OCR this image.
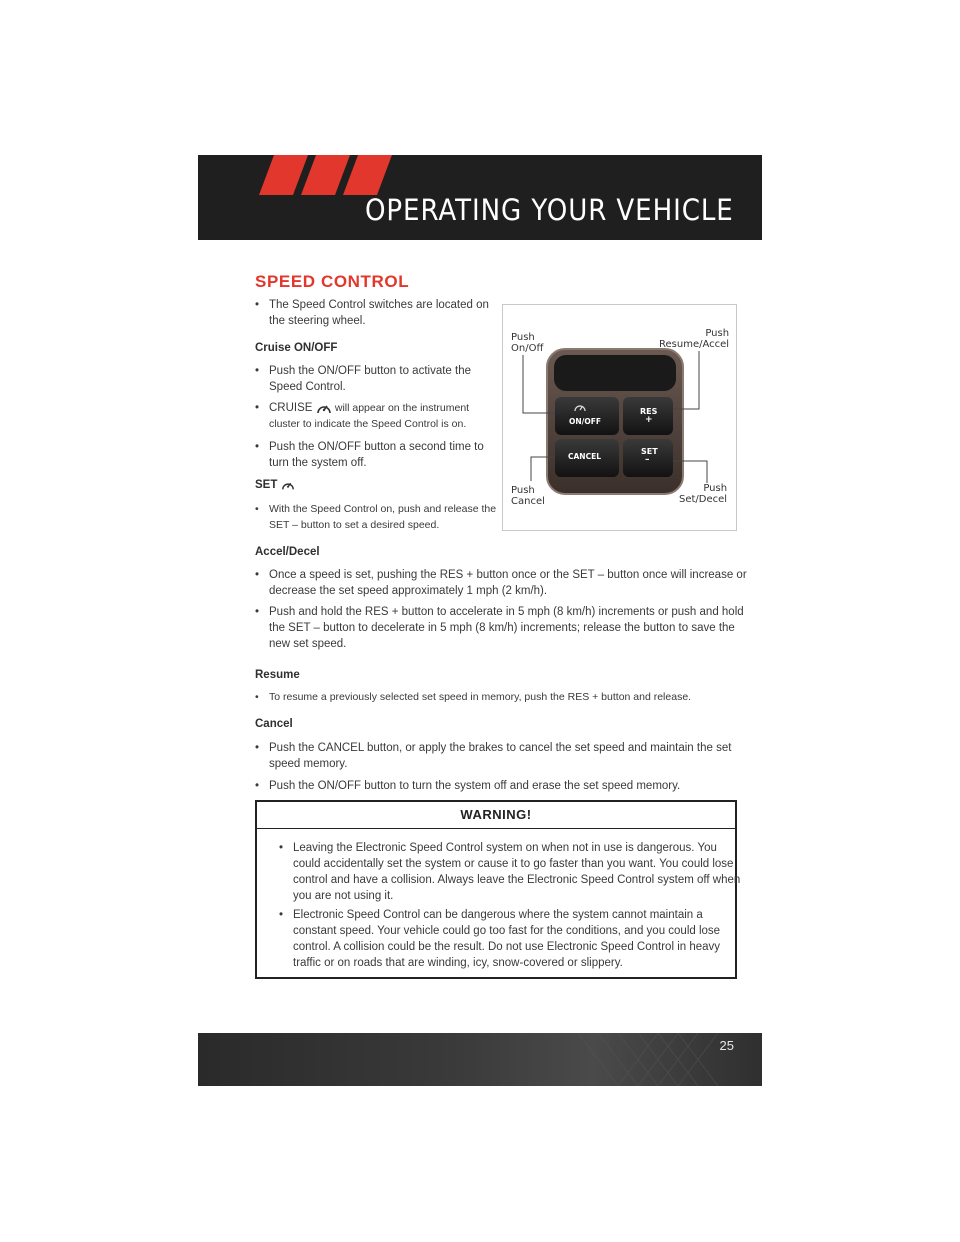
OPERATING YOUR VEHICLE
SPEED CONTROL
• The Speed Control switches are located on the steering wheel.
Cruise ON/OFF
• Push the ON/OFF button to activate the Speed Control.
• CRUISE will appear on the instrument cluster to indicate the Speed Control is on.
• Push the ON/OFF button a second time to turn the system off.
SET
• With the Speed Control on, push and release the SET – button to set a desired speed.
Accel/Decel
• Once a speed is set, pushing the RES + button once or the SET – button once will increase or decrease the set speed approximately 1 mph (2 km/h).
• Push and hold the RES + button to accelerate in 5 mph (8 km/h) increments or push and hold the SET – button to decelerate in 5 mph (8 km/h) increments; release the button to save the new set speed.
Resume
• To resume a previously selected set speed in memory, push the RES + button and release.
Cancel
• Push the CANCEL button, or apply the brakes to cancel the set speed and maintain the set speed memory.
• Push the ON/OFF button to turn the system off and erase the set speed memory.
ON/OFF
RES
+
CANCEL
SET
–
Push
On/Off
Push
Resume/Accel
Push
Cancel
Push
Set/Decel
WARNING!
• Leaving the Electronic Speed Control system on when not in use is dangerous. You could accidentally set the system or cause it to go faster than you want. You could lose control and have a collision. Always leave the Electronic Speed Control system off when you are not using it.
• Electronic Speed Control can be dangerous where the system cannot maintain a constant speed. Your vehicle could go too fast for the conditions, and you could lose control. A collision could be the result. Do not use Electronic Speed Control in heavy traffic or on roads that are winding, icy, snow-covered or slippery.
25
